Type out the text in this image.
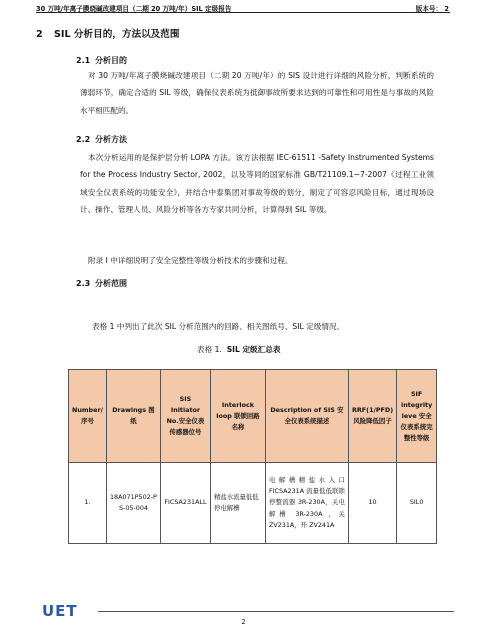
30 万吨/年离子膜烧碱改建项目（二期 20 万吨/年）SIL 定级报告	版本号： 2
2 SIL 分析目的，方法以及范围
2.1 分析目的
对 30 万吨/年离子膜烧碱改建项目（二期 20 万吨/年）的 SIS 设计进行详细的风险分析，判断系统的薄弱环节，确定合适的 SIL 等级，确保仪表系统为抵御事故所要求达到的可靠性和可用性是与事故的风险水平相匹配的。
2.2 分析方法
本次分析运用的是保护层分析 LOPA 方法。该方法根据 IEC-61511 -Safety Instrumented Systems for the Process Industry Sector, 2002，以及等同的国家标准 GB/T21109.1~7-2007《过程工业领域安全仪表系统的功能安全》，并结合中泰集团对事故等级的划分，制定了可容忍风险目标，通过现场设计、操作、管理人员、风险分析等各方专家共同分析，计算得到 SIL 等级。
附录 I 中详细说明了安全完整性等级分析技术的步骤和过程。
2.3 分析范围
表格 1 中列出了此次 SIL 分析范围内的回路、相关图纸号、SIL 定级情况。
表格 1. SIL 定级汇总表
Number/序号	Drawings 图纸	SIS Initiator No.安全仪表传感器位号	Interlock loop 联锁回路名称	Description of SIS 安全仪表系统描述	RRF(1/PFD)风险降低因子	SIF integrity leve 安全仪表系统完整性等级
1.	18A071P502-PS-05-004	FICSA231ALL	精盐水流量低低停电解槽	电解槽精盐水入口 FICSA231A 流量低低联锁停整流器 3R-230A，关电解槽 3R-230A ，关 ZV231A，开 ZV241A	10	SIL0
UET
2
